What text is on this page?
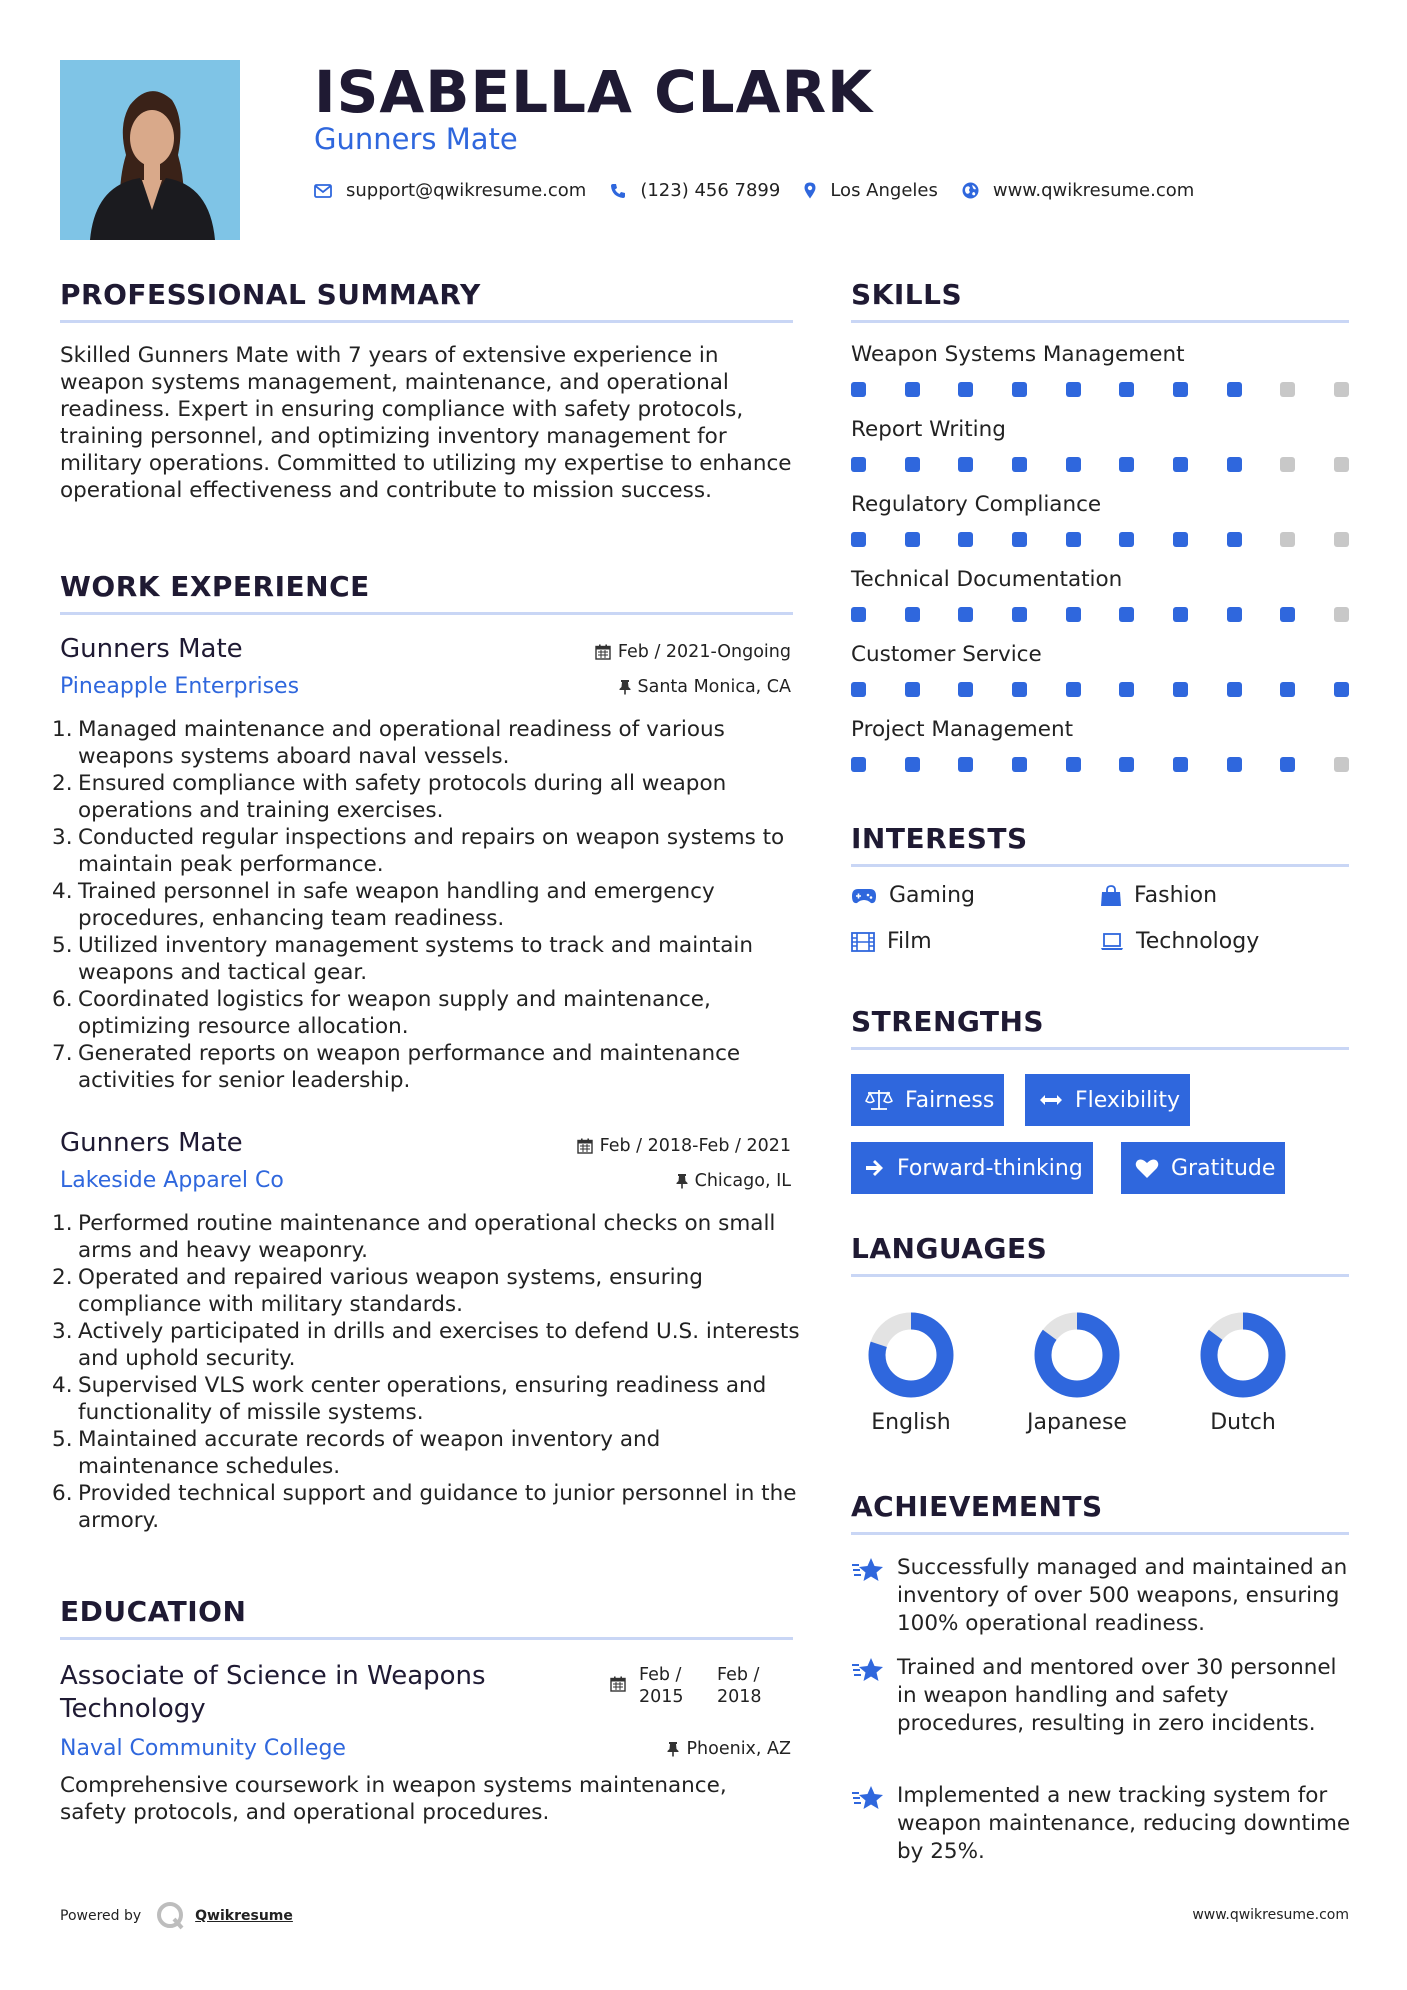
ISABELLA CLARK
Gunners Mate
support@qwikresume.com	(123) 456 7899	Los Angeles	www.qwikresume.com
PROFESSIONAL SUMMARY
Skilled Gunners Mate with 7 years of extensive experience in weapon systems management, maintenance, and operational readiness. Expert in ensuring compliance with safety protocols, training personnel, and optimizing inventory management for military operations. Committed to utilizing my expertise to enhance operational effectiveness and contribute to mission success.
WORK EXPERIENCE
Gunners Mate	Feb / 2021-Ongoing
Pineapple Enterprises	Santa Monica, CA
Managed maintenance and operational readiness of various weapons systems aboard naval vessels.
Ensured compliance with safety protocols during all weapon operations and training exercises.
Conducted regular inspections and repairs on weapon systems to maintain peak performance.
Trained personnel in safe weapon handling and emergency procedures, enhancing team readiness.
Utilized inventory management systems to track and maintain weapons and tactical gear.
Coordinated logistics for weapon supply and maintenance, optimizing resource allocation.
Generated reports on weapon performance and maintenance activities for senior leadership.
Gunners Mate	Feb / 2018-Feb / 2021
Lakeside Apparel Co	Chicago, IL
Performed routine maintenance and operational checks on small arms and heavy weaponry.
Operated and repaired various weapon systems, ensuring compliance with military standards.
Actively participated in drills and exercises to defend U.S. interests and uphold security.
Supervised VLS work center operations, ensuring readiness and functionality of missile systems.
Maintained accurate records of weapon inventory and maintenance schedules.
Provided technical support and guidance to junior personnel in the armory.
EDUCATION
Associate of Science in Weapons Technology
Feb / 2015
Feb / 2018
Naval Community College	Phoenix, AZ
Comprehensive coursework in weapon systems maintenance, safety protocols, and operational procedures.
SKILLS
Weapon Systems Management
Report Writing
Regulatory Compliance
Technical Documentation
Customer Service
Project Management
INTERESTS
Gaming	Fashion
Film	Technology
STRENGTHS
Fairness	Flexibility
Forward-thinking	Gratitude
LANGUAGES
English	Japanese	Dutch
ACHIEVEMENTS
Successfully managed and maintained an inventory of over 500 weapons, ensuring 100% operational readiness.
Trained and mentored over 30 personnel in weapon handling and safety procedures, resulting in zero incidents.
Implemented a new tracking system for weapon maintenance, reducing downtime by 25%.
Powered by	Qwikresume	www.qwikresume.com
